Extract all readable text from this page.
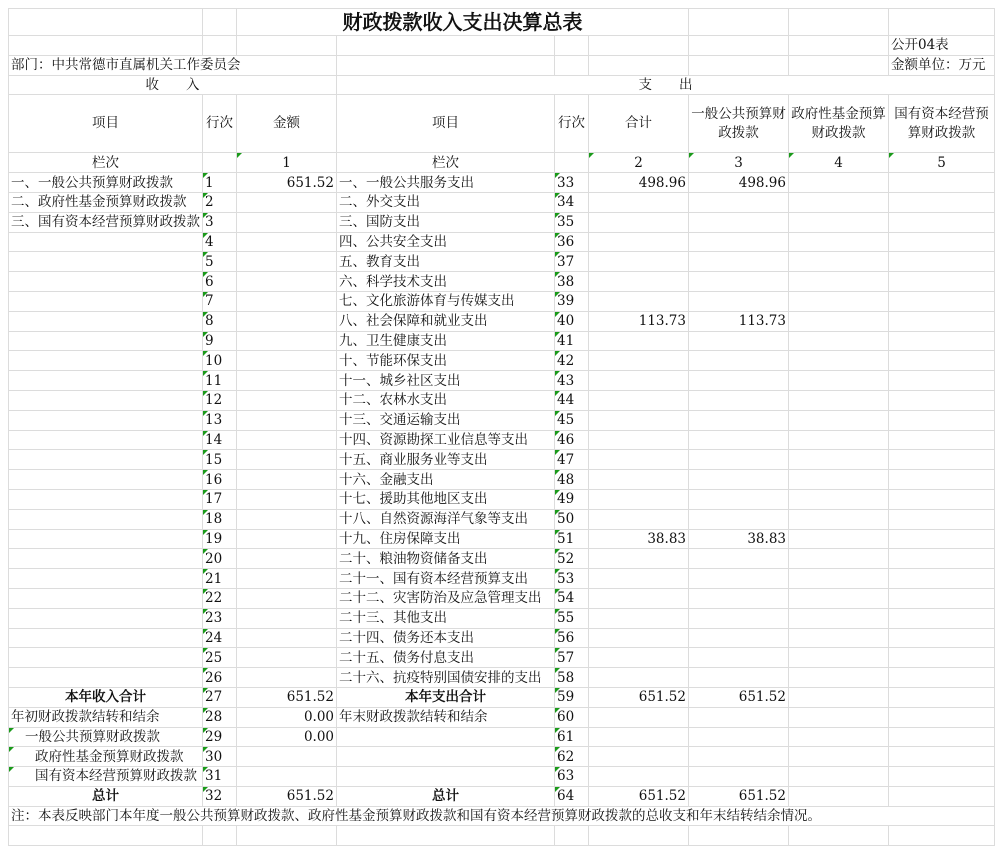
		财政拨款收入支出决算总表						
								公开04表
部门：中共常德市直属机关工作委员会								金额单位：万元
收　　入			支　　出					
项目	行次	金额	项目	行次	合计	一般公共预算财政拨款	政府性基金预算财政拨款	国有资本经营预算财政拨款
栏次		1	栏次		2	3	4	5
一、一般公共预算财政拨款	1	651.52	一、一般公共服务支出	33	498.96	498.96		
二、政府性基金预算财政拨款	2		二、外交支出	34				
三、国有资本经营预算财政拨款	3		三、国防支出	35				
	4		四、公共安全支出	36				
	5		五、教育支出	37				
	6		六、科学技术支出	38				
	7		七、文化旅游体育与传媒支出	39				
	8		八、社会保障和就业支出	40	113.73	113.73		
	9		九、卫生健康支出	41				
	10		十、节能环保支出	42				
	11		十一、城乡社区支出	43				
	12		十二、农林水支出	44				
	13		十三、交通运输支出	45				
	14		十四、资源勘探工业信息等支出	46				
	15		十五、商业服务业等支出	47				
	16		十六、金融支出	48				
	17		十七、援助其他地区支出	49				
	18		十八、自然资源海洋气象等支出	50				
	19		十九、住房保障支出	51	38.83	38.83		
	20		二十、粮油物资储备支出	52				
	21		二十一、国有资本经营预算支出	53				
	22		二十二、灾害防治及应急管理支出	54				
	23		二十三、其他支出	55				
	24		二十四、债务还本支出	56				
	25		二十五、债务付息支出	57				
	26		二十六、抗疫特别国债安排的支出	58				
本年收入合计	27	651.52	本年支出合计	59	651.52	651.52		
年初财政拨款结转和结余	28	0.00	年末财政拨款结转和结余	60				
一般公共预算财政拨款	29	0.00		61				
政府性基金预算财政拨款	30			62				
国有资本经营预算财政拨款	31			63				
总计	32	651.52	总计	64	651.52	651.52		
注：本表反映部门本年度一般公共预算财政拨款、政府性基金预算财政拨款和国有资本经营预算财政拨款的总收支和年末结转结余情况。								
